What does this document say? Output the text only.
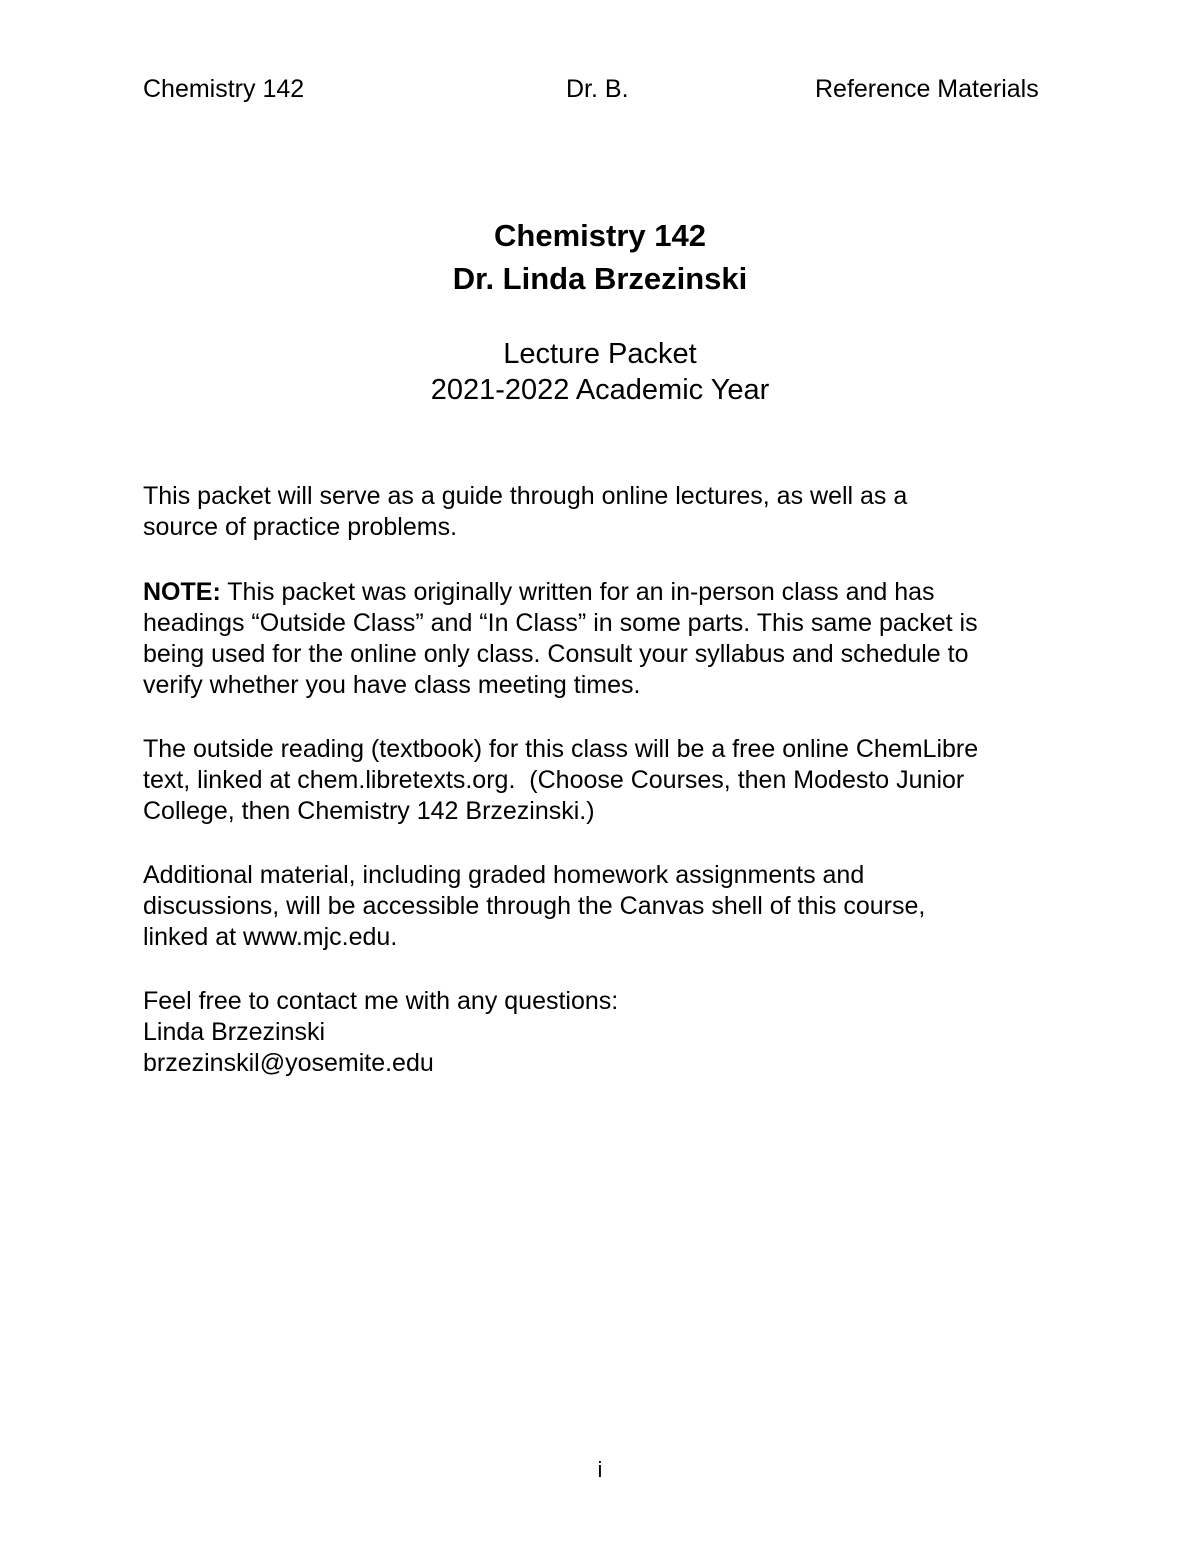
Chemistry 142	Dr. B.	Reference Materials
Chemistry 142
Dr. Linda Brzezinski
Lecture Packet
2021-2022 Academic Year

This packet will serve as a guide through online lectures, as well as a
source of practice problems.

NOTE: This packet was originally written for an in-person class and has
headings “Outside Class” and “In Class” in some parts. This same packet is
being used for the online only class. Consult your syllabus and schedule to
verify whether you have class meeting times.

The outside reading (textbook) for this class will be a free online ChemLibre
text, linked at chem.libretexts.org.  (Choose Courses, then Modesto Junior
College, then Chemistry 142 Brzezinski.)

Additional material, including graded homework assignments and
discussions, will be accessible through the Canvas shell of this course,
linked at www.mjc.edu.

Feel free to contact me with any questions:
Linda Brzezinski
brzezinskil@yosemite.edu

i
